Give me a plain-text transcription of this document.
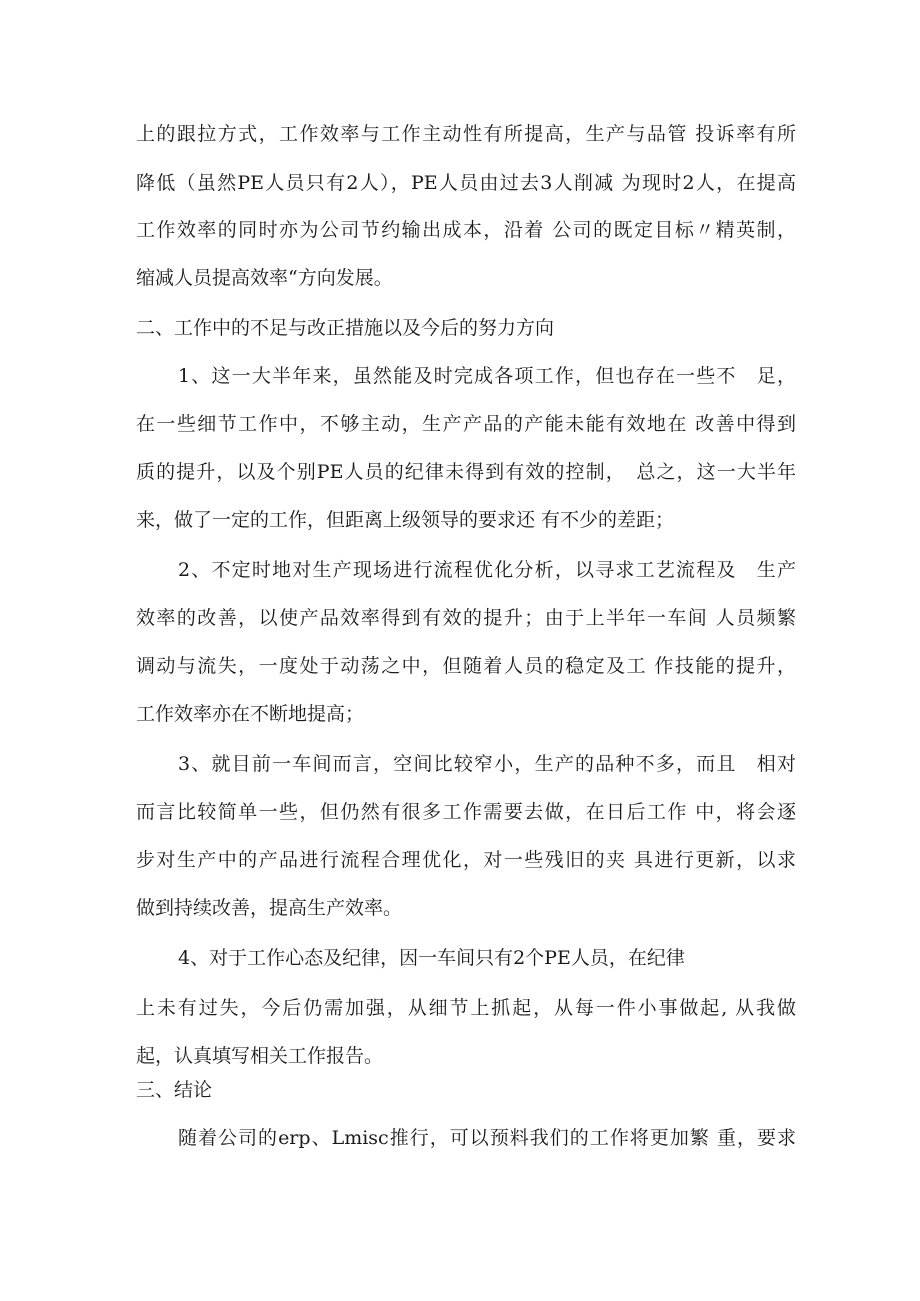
上的跟拉方式，工作效率与工作主动性有所提高，生产与品管 投诉率有所
降低（虽然PE人员只有2人），PE人员由过去3人削减 为现时2人，在提高
工作效率的同时亦为公司节约输出成本，沿着 公司的既定目标〃精英制，
缩减人员提高效率“方向发展。
二、工作中的不足与改正措施以及今后的努力方向
1、这一大半年来，虽然能及时完成各项工作，但也存在一些不　足，
在一些细节工作中，不够主动，生产产品的产能未能有效地在 改善中得到
质的提升，以及个别PE人员的纪律未得到有效的控制，　总之，这一大半年
来，做了一定的工作，但距离上级领导的要求还 有不少的差距；
2、不定时地对生产现场进行流程优化分析，以寻求工艺流程及　生产
效率的改善，以使产品效率得到有效的提升；由于上半年一车间 人员频繁
调动与流失，一度处于动荡之中，但随着人员的稳定及工 作技能的提升，
工作效率亦在不断地提高；
3、就目前一车间而言，空间比较窄小，生产的品种不多，而且　相对
而言比较简单一些，但仍然有很多工作需要去做，在日后工作 中，将会逐
步对生产中的产品进行流程合理优化，对一些残旧的夹 具进行更新，以求
做到持续改善，提高生产效率。
4、对于工作心态及纪律，因一车间只有2个PE人员，在纪律
上未有过失，今后仍需加强，从细节上抓起，从每一件小事做起, 从我做
起，认真填写相关工作报告。
三、结论
随着公司的erp、Lmisc推行，可以预料我们的工作将更加繁 重，要求
